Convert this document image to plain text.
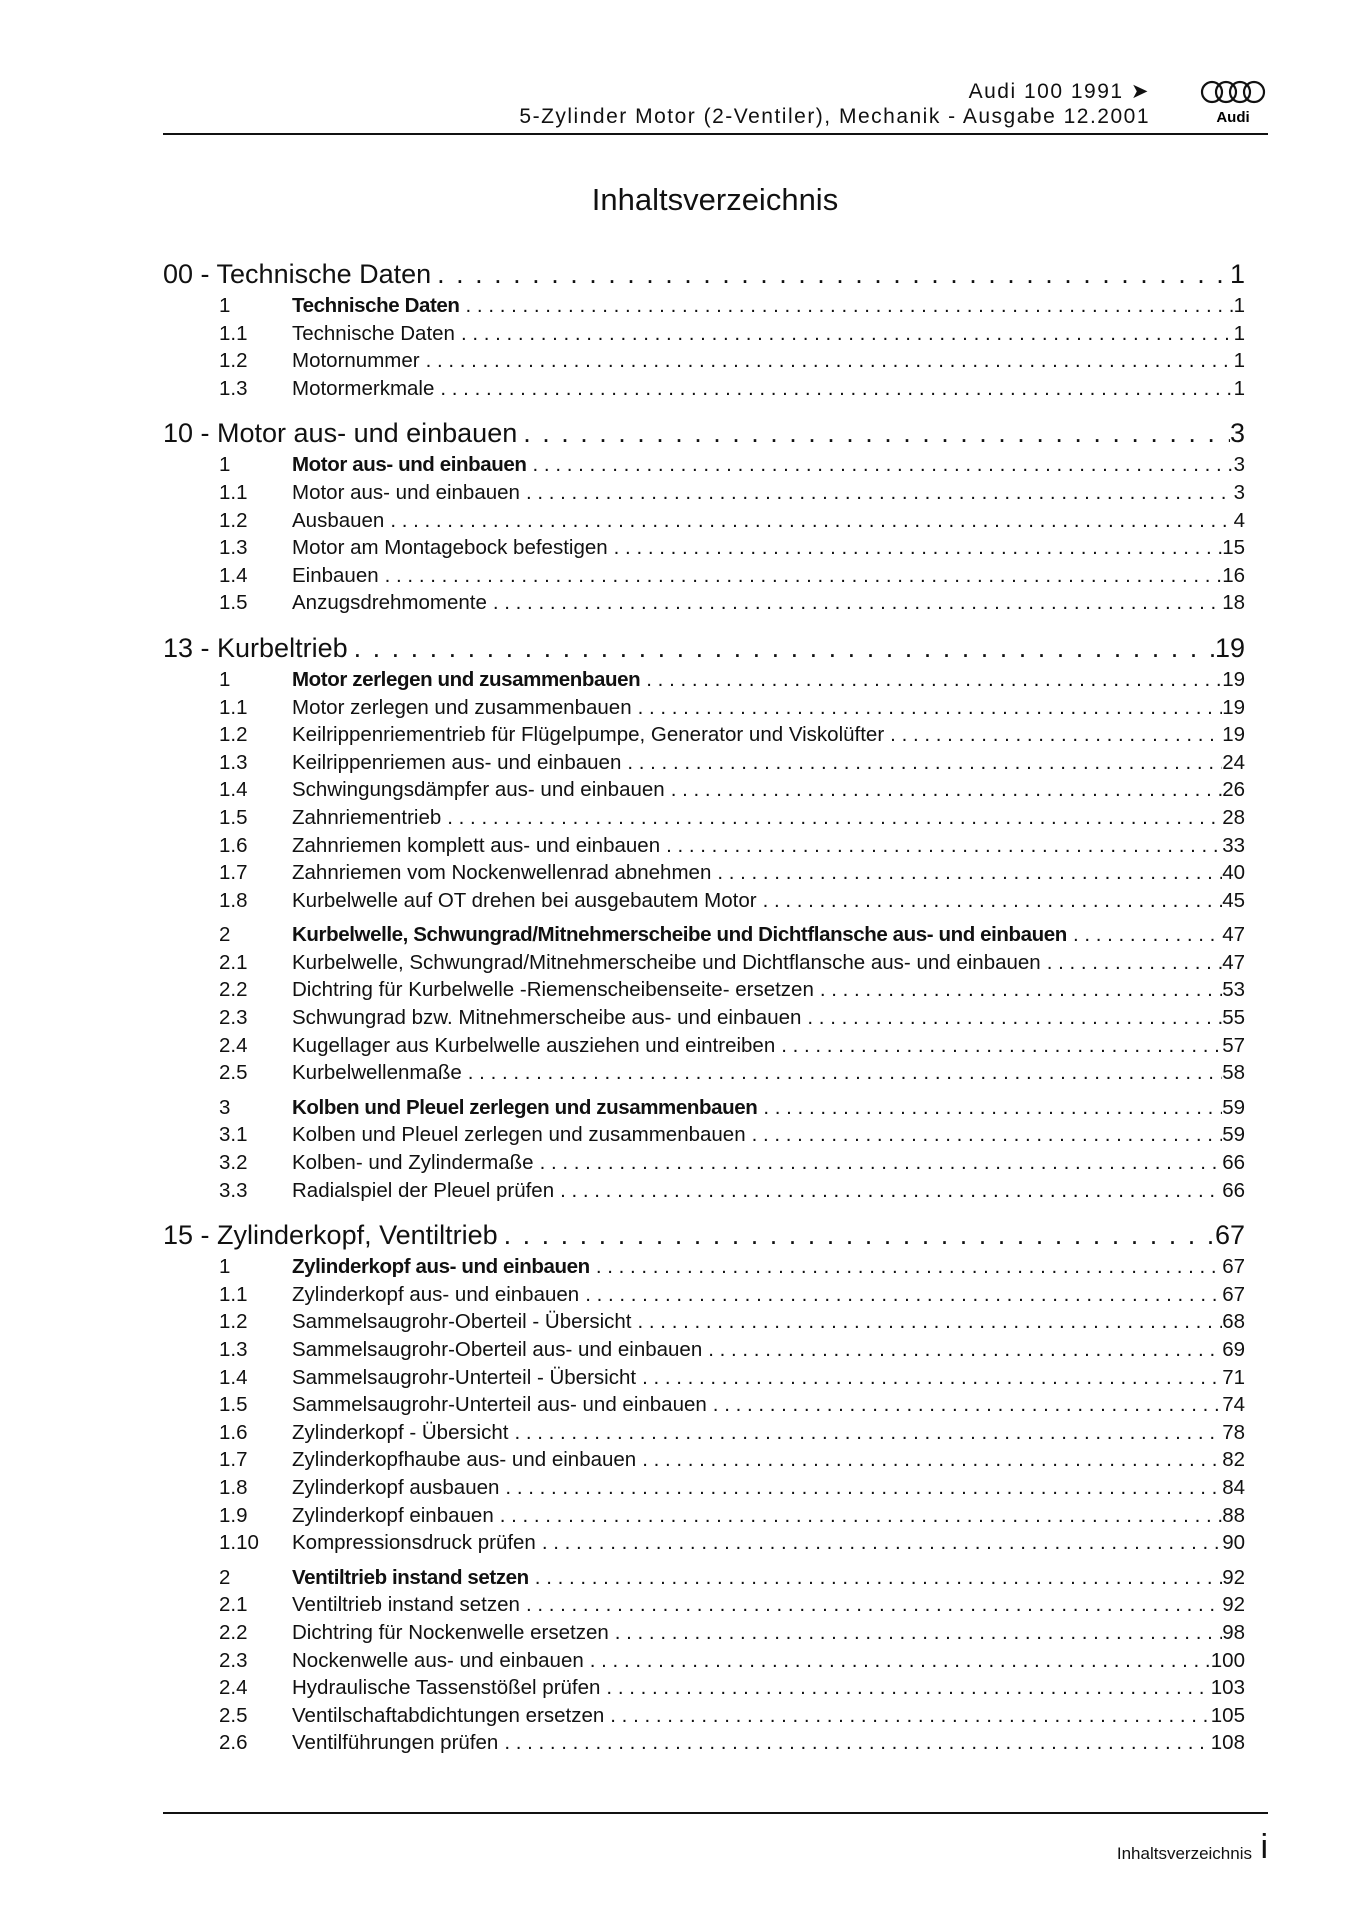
Audi 100 1991 ➤
5-Zylinder Motor (2-Ventiler), Mechanik - Ausgabe 12.2001	Audi
Inhaltsverzeichnis
00 - Technische Daten . . .	1
1	Technische Daten . . .	1
1.1	Technische Daten . . .	1
1.2	Motornummer . . .	1
1.3	Motormerkmale . . .	1
10 - Motor aus- und einbauen . . .	3
1	Motor aus- und einbauen . . .	3
1.1	Motor aus- und einbauen . . .	3
1.2	Ausbauen . . .	4
1.3	Motor am Montagebock befestigen . . .	15
1.4	Einbauen . . .	16
1.5	Anzugsdrehmomente . . .	18
13 - Kurbeltrieb . . .	19
1	Motor zerlegen und zusammenbauen . . .	19
1.1	Motor zerlegen und zusammenbauen . . .	19
1.2	Keilrippenriementrieb für Flügelpumpe, Generator und Viskolüfter . . .	19
1.3	Keilrippenriemen aus- und einbauen . . .	24
1.4	Schwingungsdämpfer aus- und einbauen . . .	26
1.5	Zahnriementrieb . . .	28
1.6	Zahnriemen komplett aus- und einbauen . . .	33
1.7	Zahnriemen vom Nockenwellenrad abnehmen . . .	40
1.8	Kurbelwelle auf OT drehen bei ausgebautem Motor . . .	45
2	Kurbelwelle, Schwungrad/Mitnehmerscheibe und Dichtflansche aus- und einbauen . . .	47
2.1	Kurbelwelle, Schwungrad/Mitnehmerscheibe und Dichtflansche aus- und einbauen . . .	47
2.2	Dichtring für Kurbelwelle -Riemenscheibenseite- ersetzen . . .	53
2.3	Schwungrad bzw. Mitnehmerscheibe aus- und einbauen . . .	55
2.4	Kugellager aus Kurbelwelle ausziehen und eintreiben . . .	57
2.5	Kurbelwellenmaße . . .	58
3	Kolben und Pleuel zerlegen und zusammenbauen . . .	59
3.1	Kolben und Pleuel zerlegen und zusammenbauen . . .	59
3.2	Kolben- und Zylindermaße . . .	66
3.3	Radialspiel der Pleuel prüfen . . .	66
15 - Zylinderkopf, Ventiltrieb . . .	67
1	Zylinderkopf aus- und einbauen . . .	67
1.1	Zylinderkopf aus- und einbauen . . .	67
1.2	Sammelsaugrohr-Oberteil - Übersicht . . .	68
1.3	Sammelsaugrohr-Oberteil aus- und einbauen . . .	69
1.4	Sammelsaugrohr-Unterteil - Übersicht . . .	71
1.5	Sammelsaugrohr-Unterteil aus- und einbauen . . .	74
1.6	Zylinderkopf - Übersicht . . .	78
1.7	Zylinderkopfhaube aus- und einbauen . . .	82
1.8	Zylinderkopf ausbauen . . .	84
1.9	Zylinderkopf einbauen . . .	88
1.10	Kompressionsdruck prüfen . . .	90
2	Ventiltrieb instand setzen . . .	92
2.1	Ventiltrieb instand setzen . . .	92
2.2	Dichtring für Nockenwelle ersetzen . . .	98
2.3	Nockenwelle aus- und einbauen . . .	100
2.4	Hydraulische Tassenstößel prüfen . . .	103
2.5	Ventilschaftabdichtungen ersetzen . . .	105
2.6	Ventilführungen prüfen . . .	108
Inhaltsverzeichnis i
